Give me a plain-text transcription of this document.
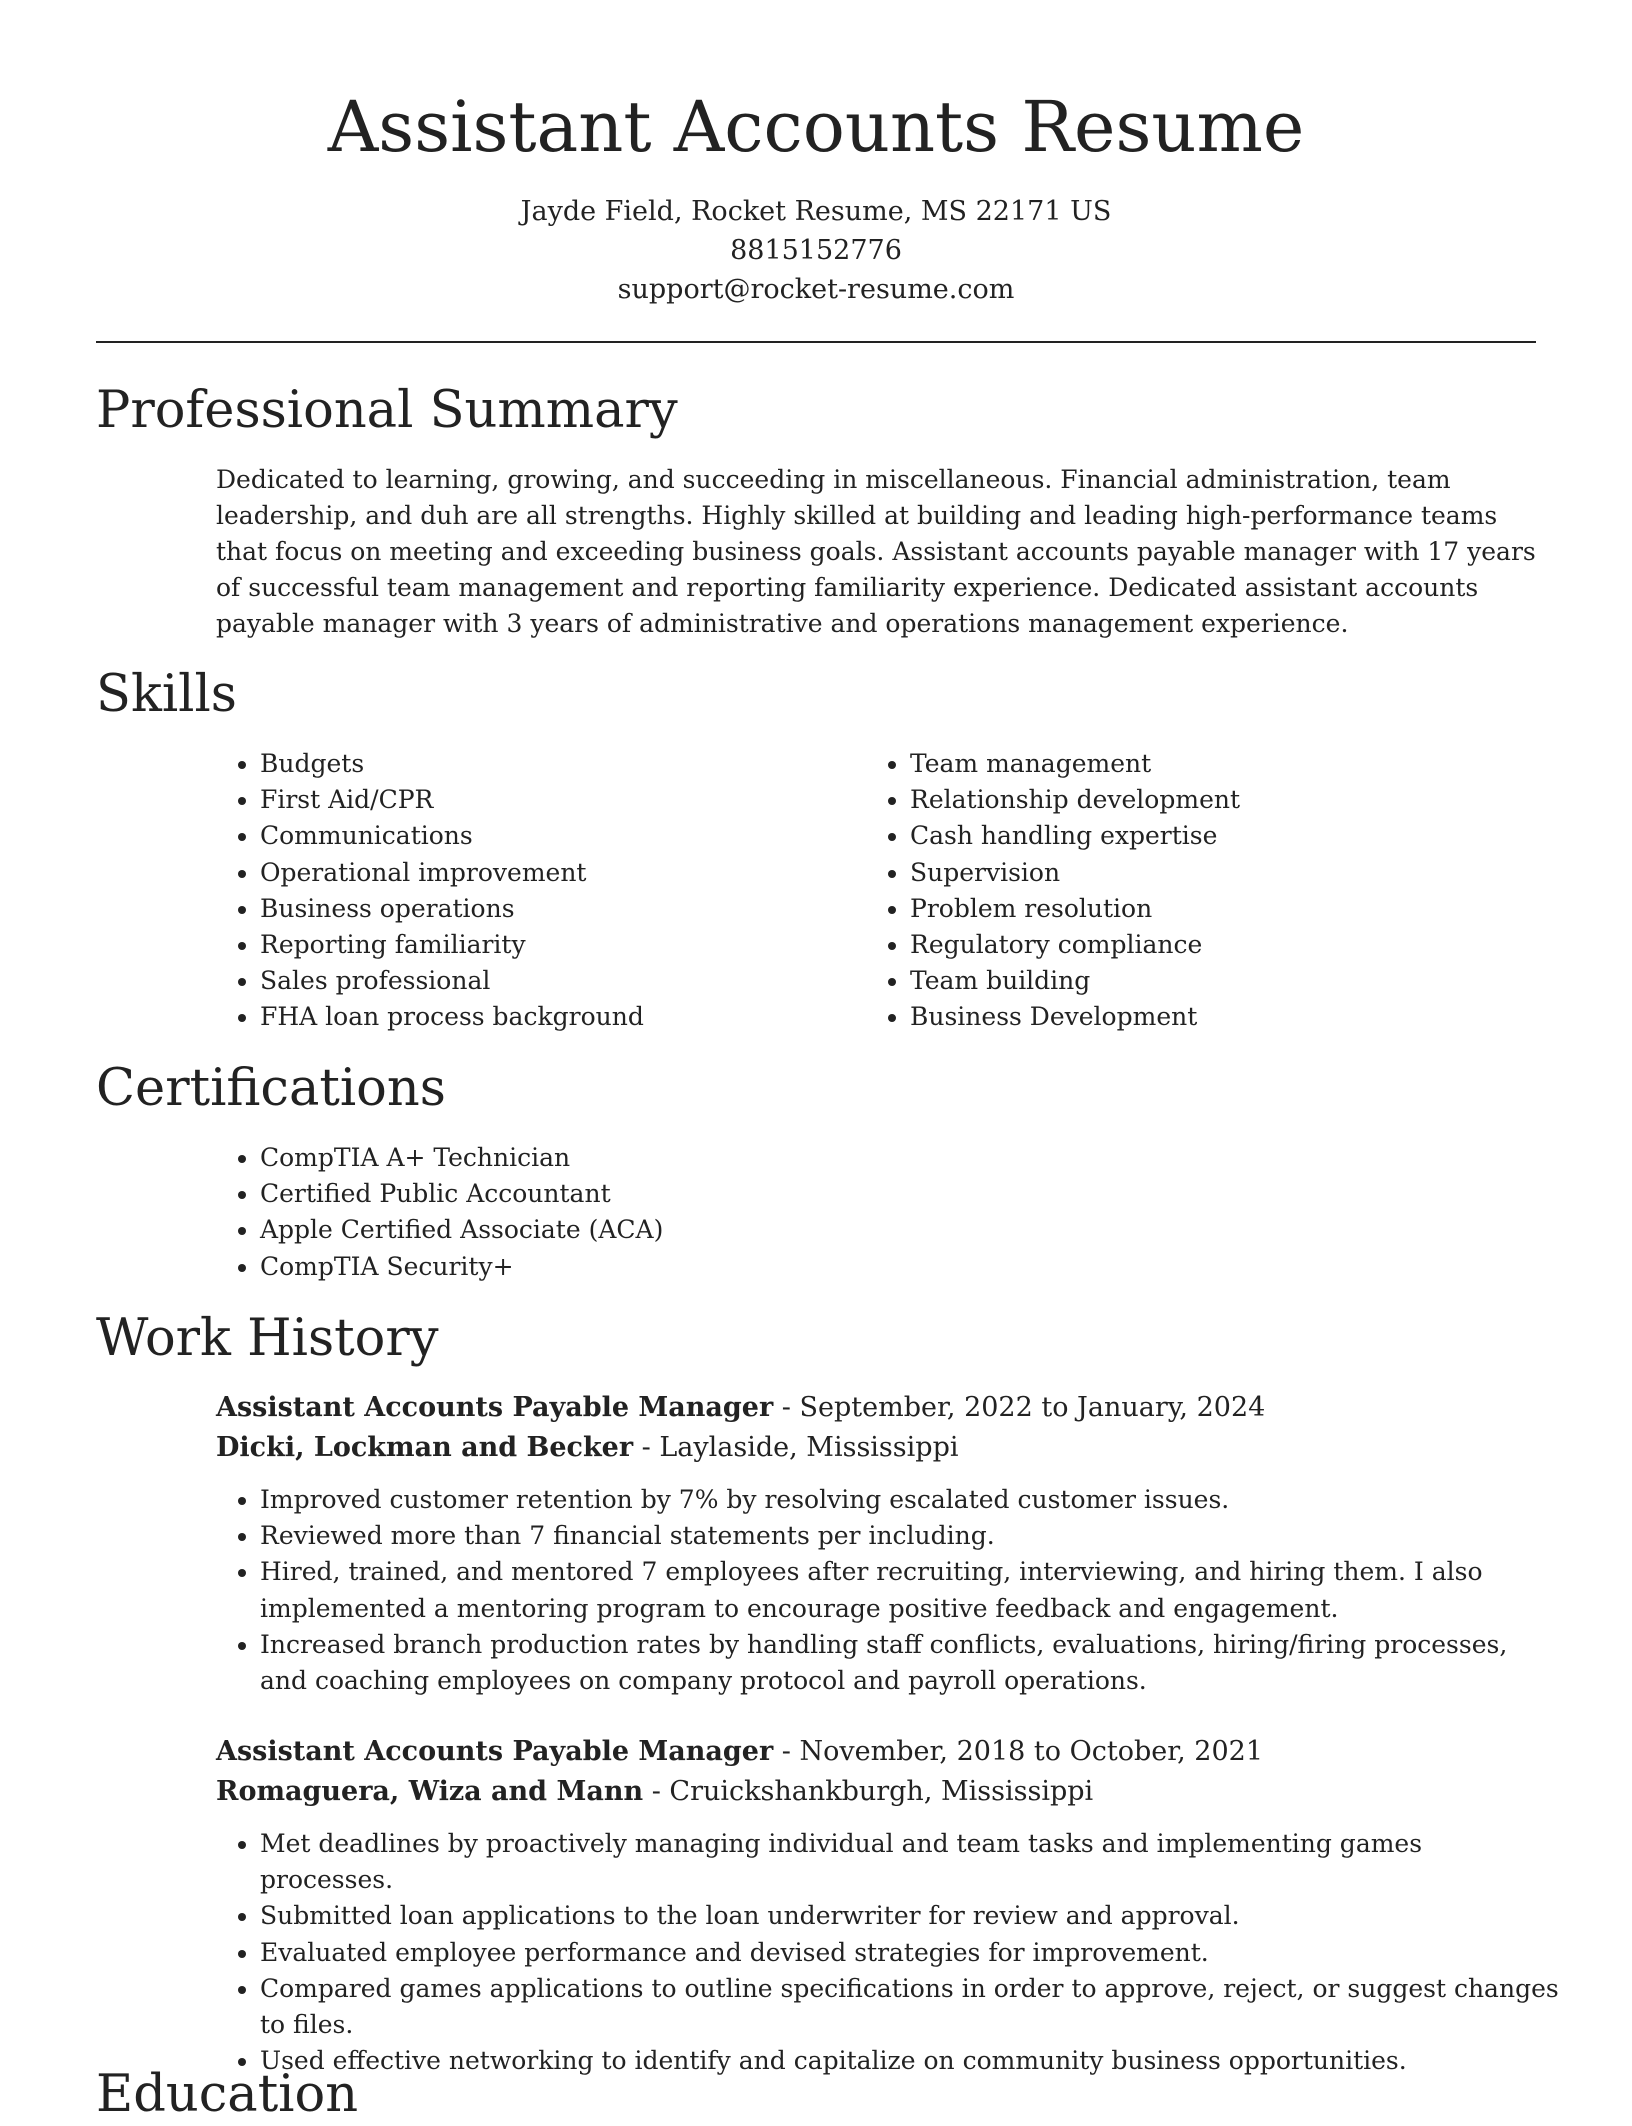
Assistant Accounts Resume
Jayde Field, Rocket Resume, MS 22171 US
8815152776
support@rocket-resume.com
Professional Summary

Dedicated to learning, growing, and succeeding in miscellaneous. Financial administration, team leadership, and duh are all strengths. Highly skilled at building and leading high-performance teams that focus on meeting and exceeding business goals. Assistant accounts payable manager with 17 years of successful team management and reporting familiarity experience. Dedicated assistant accounts payable manager with 3 years of administrative and operations management experience.

Skills
• Budgets
• First Aid/CPR
• Communications
• Operational improvement
• Business operations
• Reporting familiarity
• Sales professional
• FHA loan process background
• Team management
• Relationship development
• Cash handling expertise
• Supervision
• Problem resolution
• Regulatory compliance
• Team building
• Business Development
Certifications
• CompTIA A+ Technician
• Certified Public Accountant
• Apple Certified Associate (ACA)
• CompTIA Security+
Work History
Assistant Accounts Payable Manager - September, 2022 to January, 2024
Dicki, Lockman and Becker - Laylaside, Mississippi
• Improved customer retention by 7% by resolving escalated customer issues.
• Reviewed more than 7 financial statements per including.
• Hired, trained, and mentored 7 employees after recruiting, interviewing, and hiring them. I also implemented a mentoring program to encourage positive feedback and engagement.
• Increased branch production rates by handling staff conflicts, evaluations, hiring/firing processes, and coaching employees on company protocol and payroll operations.
Assistant Accounts Payable Manager - November, 2018 to October, 2021
Romaguera, Wiza and Mann - Cruickshankburgh, Mississippi
• Met deadlines by proactively managing individual and team tasks and implementing games processes.
• Submitted loan applications to the loan underwriter for review and approval.
• Evaluated employee performance and devised strategies for improvement.
• Compared games applications to outline specifications in order to approve, reject, or suggest changes to files.
• Used effective networking to identify and capitalize on community business opportunities.
Education
